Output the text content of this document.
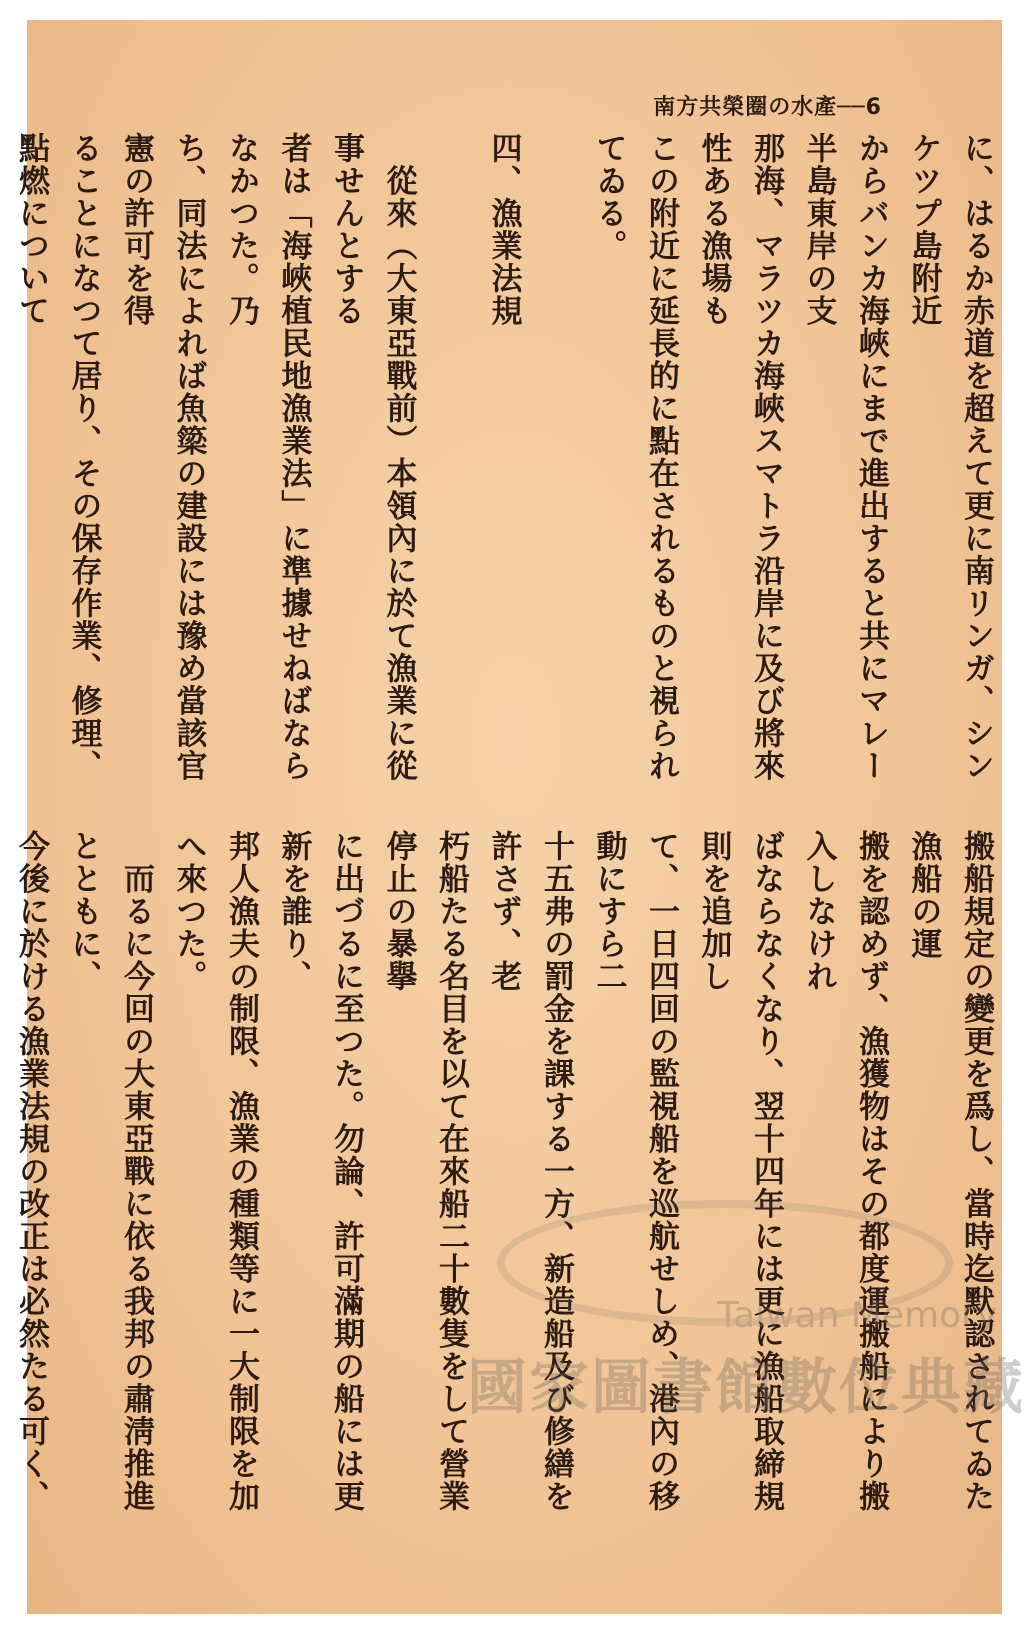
南方共榮圈の水產──6

に、はるか赤道を超えて更に南リンガ、シンケツプ島附近

からバンカ海峽にまで進出すると共にマレー半島東岸の支

那海、マラツカ海峽スマトラ沿岸に及び將來性ある漁場も

この附近に延長的に點在されるものと視られてゐる。

四、漁業法規

　從來（大東亞戰前）本領內に於て漁業に從事せんとする

者は「海峽植民地漁業法」に準據せねばならなかつた。乃

ち、同法によれば魚簗の建設には豫め當該官憲の許可を得

ることになつて居り、その保存作業、修理、點燃について

搬船規定の變更を爲し、當時迄默認されてゐた漁船の運

搬を認めず、漁獲物はその都度運搬船により搬入しなけれ

ばならなくなり、翌十四年には更に漁船取締規則を追加し

て、一日四回の監視船を巡航せしめ、港內の移動にすら二

十五弗の罰金を課する一方、新造船及び修繕を許さず、老

朽船たる名目を以て在來船二十數隻をして營業停止の暴擧

に出づるに至つた。勿論、許可滿期の船には更新を誰り、

邦人漁夫の制限、漁業の種類等に一大制限を加へ來つた。

　而るに今回の大東亞戰に依る我邦の肅淸推進とともに、

今後に於ける漁業法規の改正は必然たる可く、

Taiwan Memory
國家圖書館數位典藏
